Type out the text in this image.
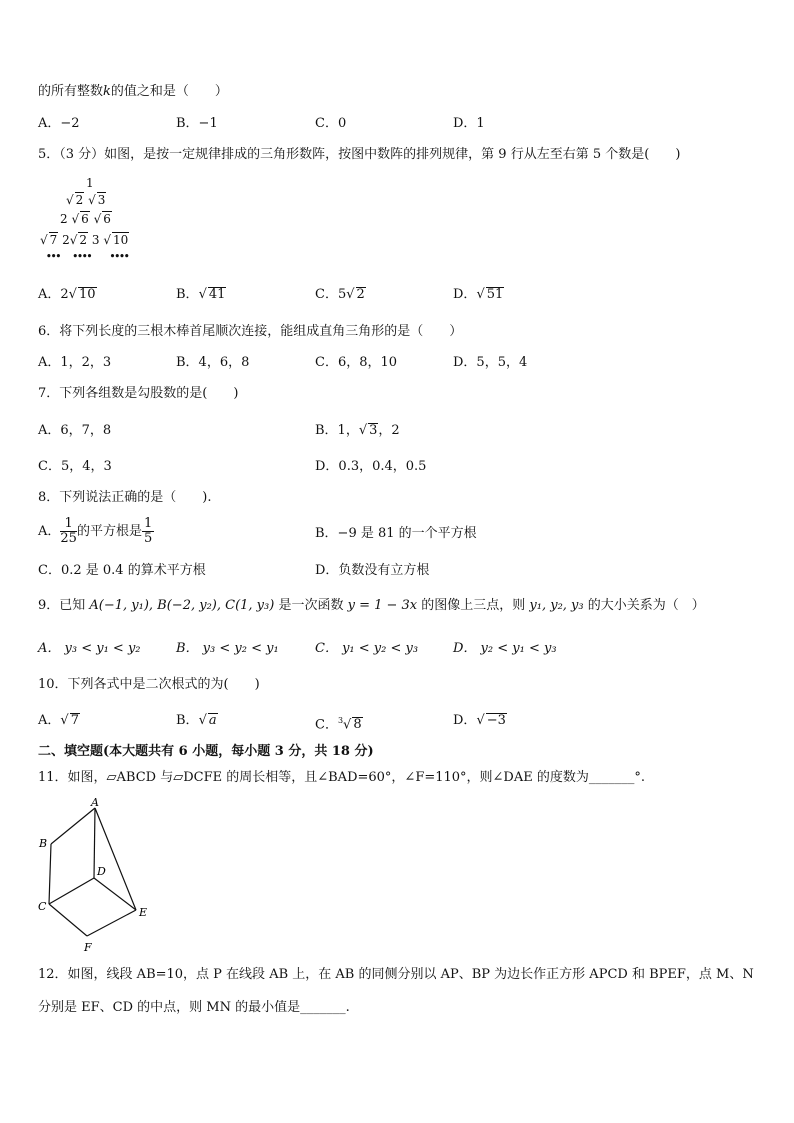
的所有整数k的值之和是（　　）
A．−2	B．−1	C．0	D．1
5．（3 分）如图，是按一定规律排成的三角形数阵，按图中数阵的排列规律，第 9 行从左至右第 5 个数是(　　)
1
√ 2 √ 3
2 √ 6 √ 6
√ 7 2√ 2 3 √ 10
••• •••• ••••
A．2√ 10	B．√ 41	C．5√ 2	D．√ 51
6．将下列长度的三根木棒首尾顺次连接，能组成直角三角形的是（　　）
A．1，2，3	B．4，6，8	C．6，8，10	D．5，5，4
7．下列各组数是勾股数的是(　　)
A．6，7，8	B．1，√ 3，2
C．5，4，3	D．0.3，0.4，0.5
8．下列说法正确的是（　　).
A． $\frac{1}{25}$ 的平方根是 $\frac{1}{5}$	B．−9 是 81 的一个平方根
C．0.2 是 0.4 的算术平方根	D．负数没有立方根
9．已知 A(−1, y₁), B(−2, y₂), C(1, y₃) 是一次函数 y = 1 − 3x 的图像上三点，则 y₁, y₂, y₃ 的大小关系为（　）
A． y₃ < y₁ < y₂	B． y₃ < y₂ < y₁	C． y₁ < y₂ < y₃	D． y₂ < y₁ < y₃
10．下列各式中是二次根式的为(　　)
A．√ 7	B．√ a	C．$^3$√ 8	D．√ −3
二、填空题(本大题共有 6 小题，每小题 3 分，共 18 分)
11．如图，▱ABCD 与▱DCFE 的周长相等，且∠BAD=60°，∠F=110°，则∠DAE 的度数为_______°.
A
B
C
D
E
F
12．如图，线段 AB=10，点 P 在线段 AB 上，在 AB 的同侧分别以 AP、BP 为边长作正方形 APCD 和 BPEF，点 M、N
分别是 EF、CD 的中点，则 MN 的最小值是_______.
